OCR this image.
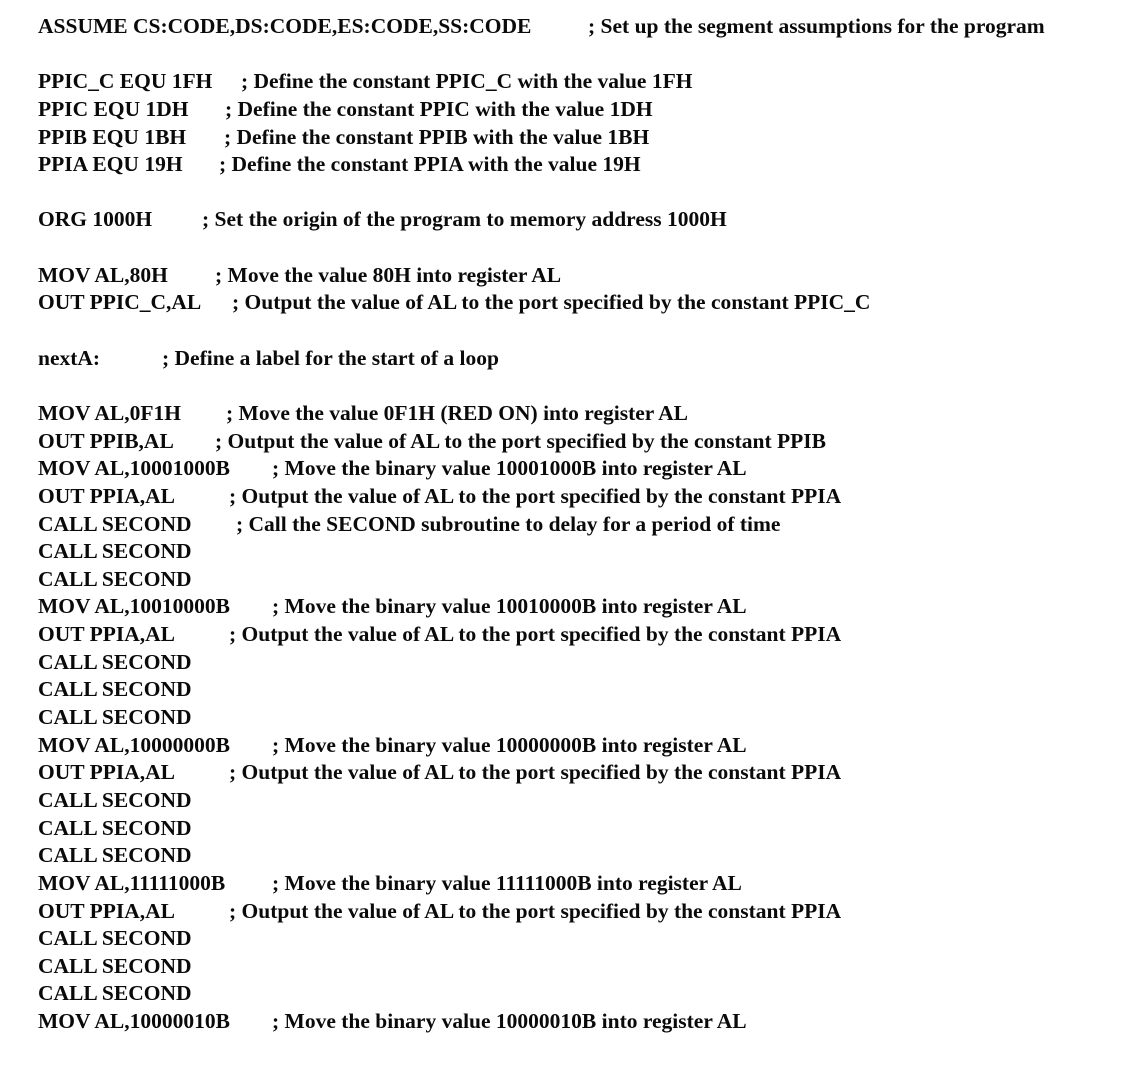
ASSUME CS:CODE,DS:CODE,ES:CODE,SS:CODE	; Set up the segment assumptions for the program
PPIC_C EQU 1FH ; Define the constant PPIC_C with the value 1FH
PPIC EQU 1DH ; Define the constant PPIC with the value 1DH
PPIB EQU 1BH ; Define the constant PPIB with the value 1BH
PPIA EQU 19H ; Define the constant PPIA with the value 19H
ORG 1000H ; Set the origin of the program to memory address 1000H
MOV AL,80H ; Move the value 80H into register AL
OUT PPIC_C,AL ; Output the value of AL to the port specified by the constant PPIC_C
nextA:	; Define a label for the start of a loop
MOV AL,0F1H ; Move the value 0F1H (RED ON) into register AL
OUT PPIB,AL ; Output the value of AL to the port specified by the constant PPIB
MOV AL,10001000B ; Move the binary value 10001000B into register AL
OUT PPIA,AL	; Output the value of AL to the port specified by the constant PPIA
CALL SECOND ; Call the SECOND subroutine to delay for a period of time
CALL SECOND
CALL SECOND
MOV AL,10010000B ; Move the binary value 10010000B into register AL
OUT PPIA,AL	; Output the value of AL to the port specified by the constant PPIA
CALL SECOND
CALL SECOND
CALL SECOND
MOV AL,10000000B ; Move the binary value 10000000B into register AL
OUT PPIA,AL	; Output the value of AL to the port specified by the constant PPIA
CALL SECOND
CALL SECOND
CALL SECOND
MOV AL,11111000B ; Move the binary value 11111000B into register AL
OUT PPIA,AL	; Output the value of AL to the port specified by the constant PPIA
CALL SECOND
CALL SECOND
CALL SECOND
MOV AL,10000010B ; Move the binary value 10000010B into register AL
